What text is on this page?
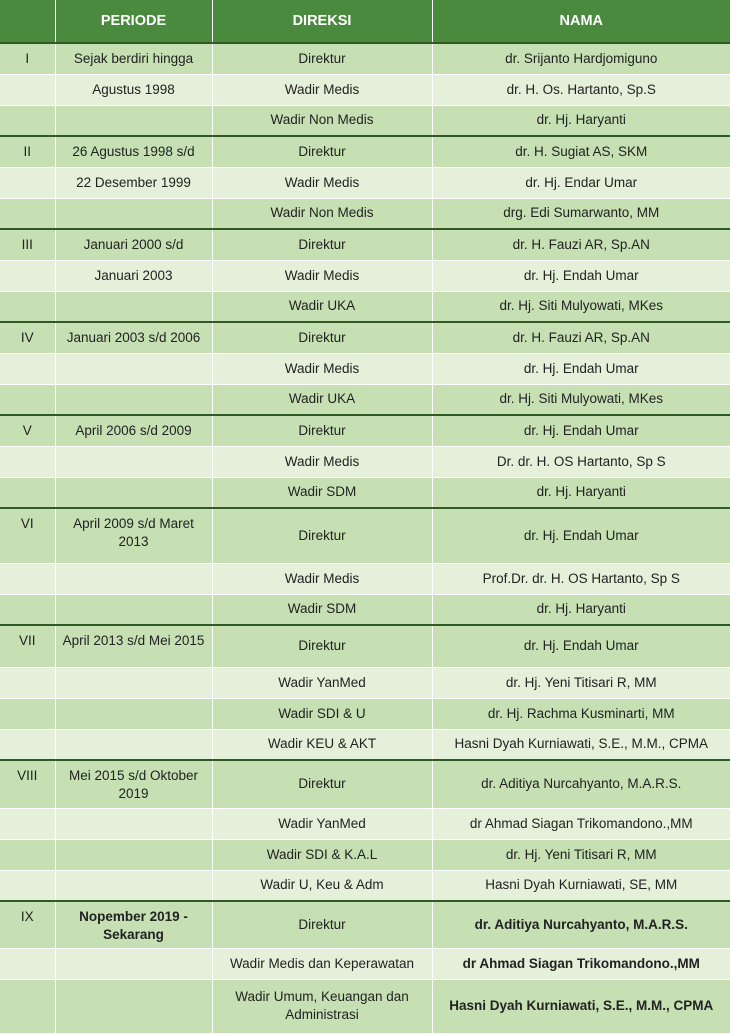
	PERIODE	DIREKSI	NAMA
I	Sejak berdiri hingga	Direktur	dr. Srijanto Hardjomiguno
	Agustus 1998	Wadir Medis	dr. H. Os. Hartanto, Sp.S
		Wadir Non Medis	dr. Hj. Haryanti
II	26 Agustus 1998 s/d	Direktur	dr. H. Sugiat AS, SKM
	22 Desember 1999	Wadir Medis	dr. Hj. Endar Umar
		Wadir Non Medis	drg. Edi Sumarwanto, MM
III	Januari 2000 s/d	Direktur	dr. H. Fauzi AR, Sp.AN
	Januari 2003	Wadir Medis	dr. Hj. Endah Umar
		Wadir UKA	dr. Hj. Siti Mulyowati, MKes
IV	Januari 2003 s/d 2006	Direktur	dr. H. Fauzi AR, Sp.AN
		Wadir Medis	dr. Hj. Endah Umar
		Wadir UKA	dr. Hj. Siti Mulyowati, MKes
V	April 2006 s/d 2009	Direktur	dr. Hj. Endah Umar
		Wadir Medis	Dr. dr. H. OS Hartanto, Sp S
		Wadir SDM	dr. Hj. Haryanti
VI	April 2009 s/d Maret 2013	Direktur	dr. Hj. Endah Umar
		Wadir Medis	Prof.Dr. dr. H. OS Hartanto, Sp S
		Wadir SDM	dr. Hj. Haryanti
VII	April 2013 s/d Mei 2015	Direktur	dr. Hj. Endah Umar
		Wadir YanMed	dr. Hj. Yeni Titisari R, MM
		Wadir SDI & U	dr. Hj. Rachma Kusminarti, MM
		Wadir KEU & AKT	Hasni Dyah Kurniawati, S.E., M.M., CPMA
VIII	Mei 2015 s/d Oktober 2019	Direktur	dr. Aditiya Nurcahyanto, M.A.R.S.
		Wadir YanMed	dr Ahmad Siagan Trikomandono.,MM
		Wadir SDI & K.A.L	dr. Hj. Yeni Titisari R, MM
		Wadir U, Keu & Adm	Hasni Dyah Kurniawati, SE, MM
IX	Nopember 2019 - Sekarang	Direktur	dr. Aditiya Nurcahyanto, M.A.R.S.
		Wadir Medis dan Keperawatan	dr Ahmad Siagan Trikomandono.,MM
		Wadir Umum, Keuangan dan Administrasi	Hasni Dyah Kurniawati, S.E., M.M., CPMA
